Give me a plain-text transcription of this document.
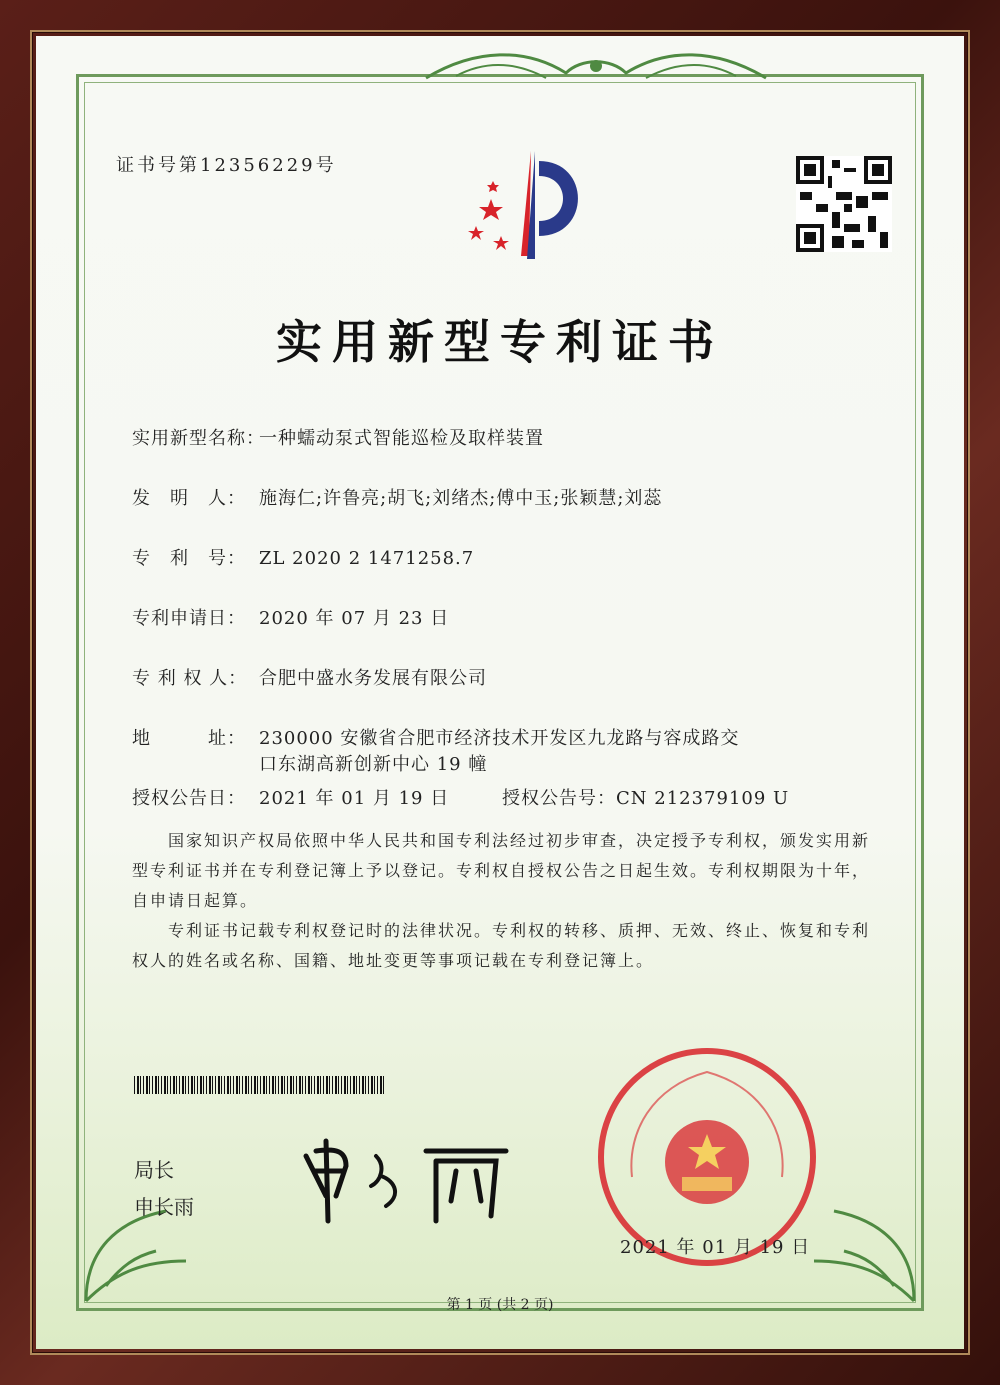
证书号第12356229号
实用新型专利证书
实用新型名称：一种蠕动泵式智能巡检及取样装置
发　明　人： 施海仁;许鲁亮;胡飞;刘绪杰;傅中玉;张颖慧;刘蕊
专　利　号： ZL 2020 2 1471258.7
专利申请日： 2020 年 07 月 23 日
专 利 权 人： 合肥中盛水务发展有限公司
地　　　址： 230000 安徽省合肥市经济技术开发区九龙路与容成路交
口东湖高新创新中心 19 幢
授权公告日： 2021 年 01 月 19 日	授权公告号：CN 212379109 U
国家知识产权局依照中华人民共和国专利法经过初步审查，决定授予专利权，颁发实用新型专利证书并在专利登记簿上予以登记。专利权自授权公告之日起生效。专利权期限为十年，自申请日起算。
专利证书记载专利权登记时的法律状况。专利权的转移、质押、无效、终止、恢复和专利权人的姓名或名称、国籍、地址变更等事项记载在专利登记簿上。
局长
申长雨
2021 年 01 月 19 日
第 1 页 (共 2 页)
